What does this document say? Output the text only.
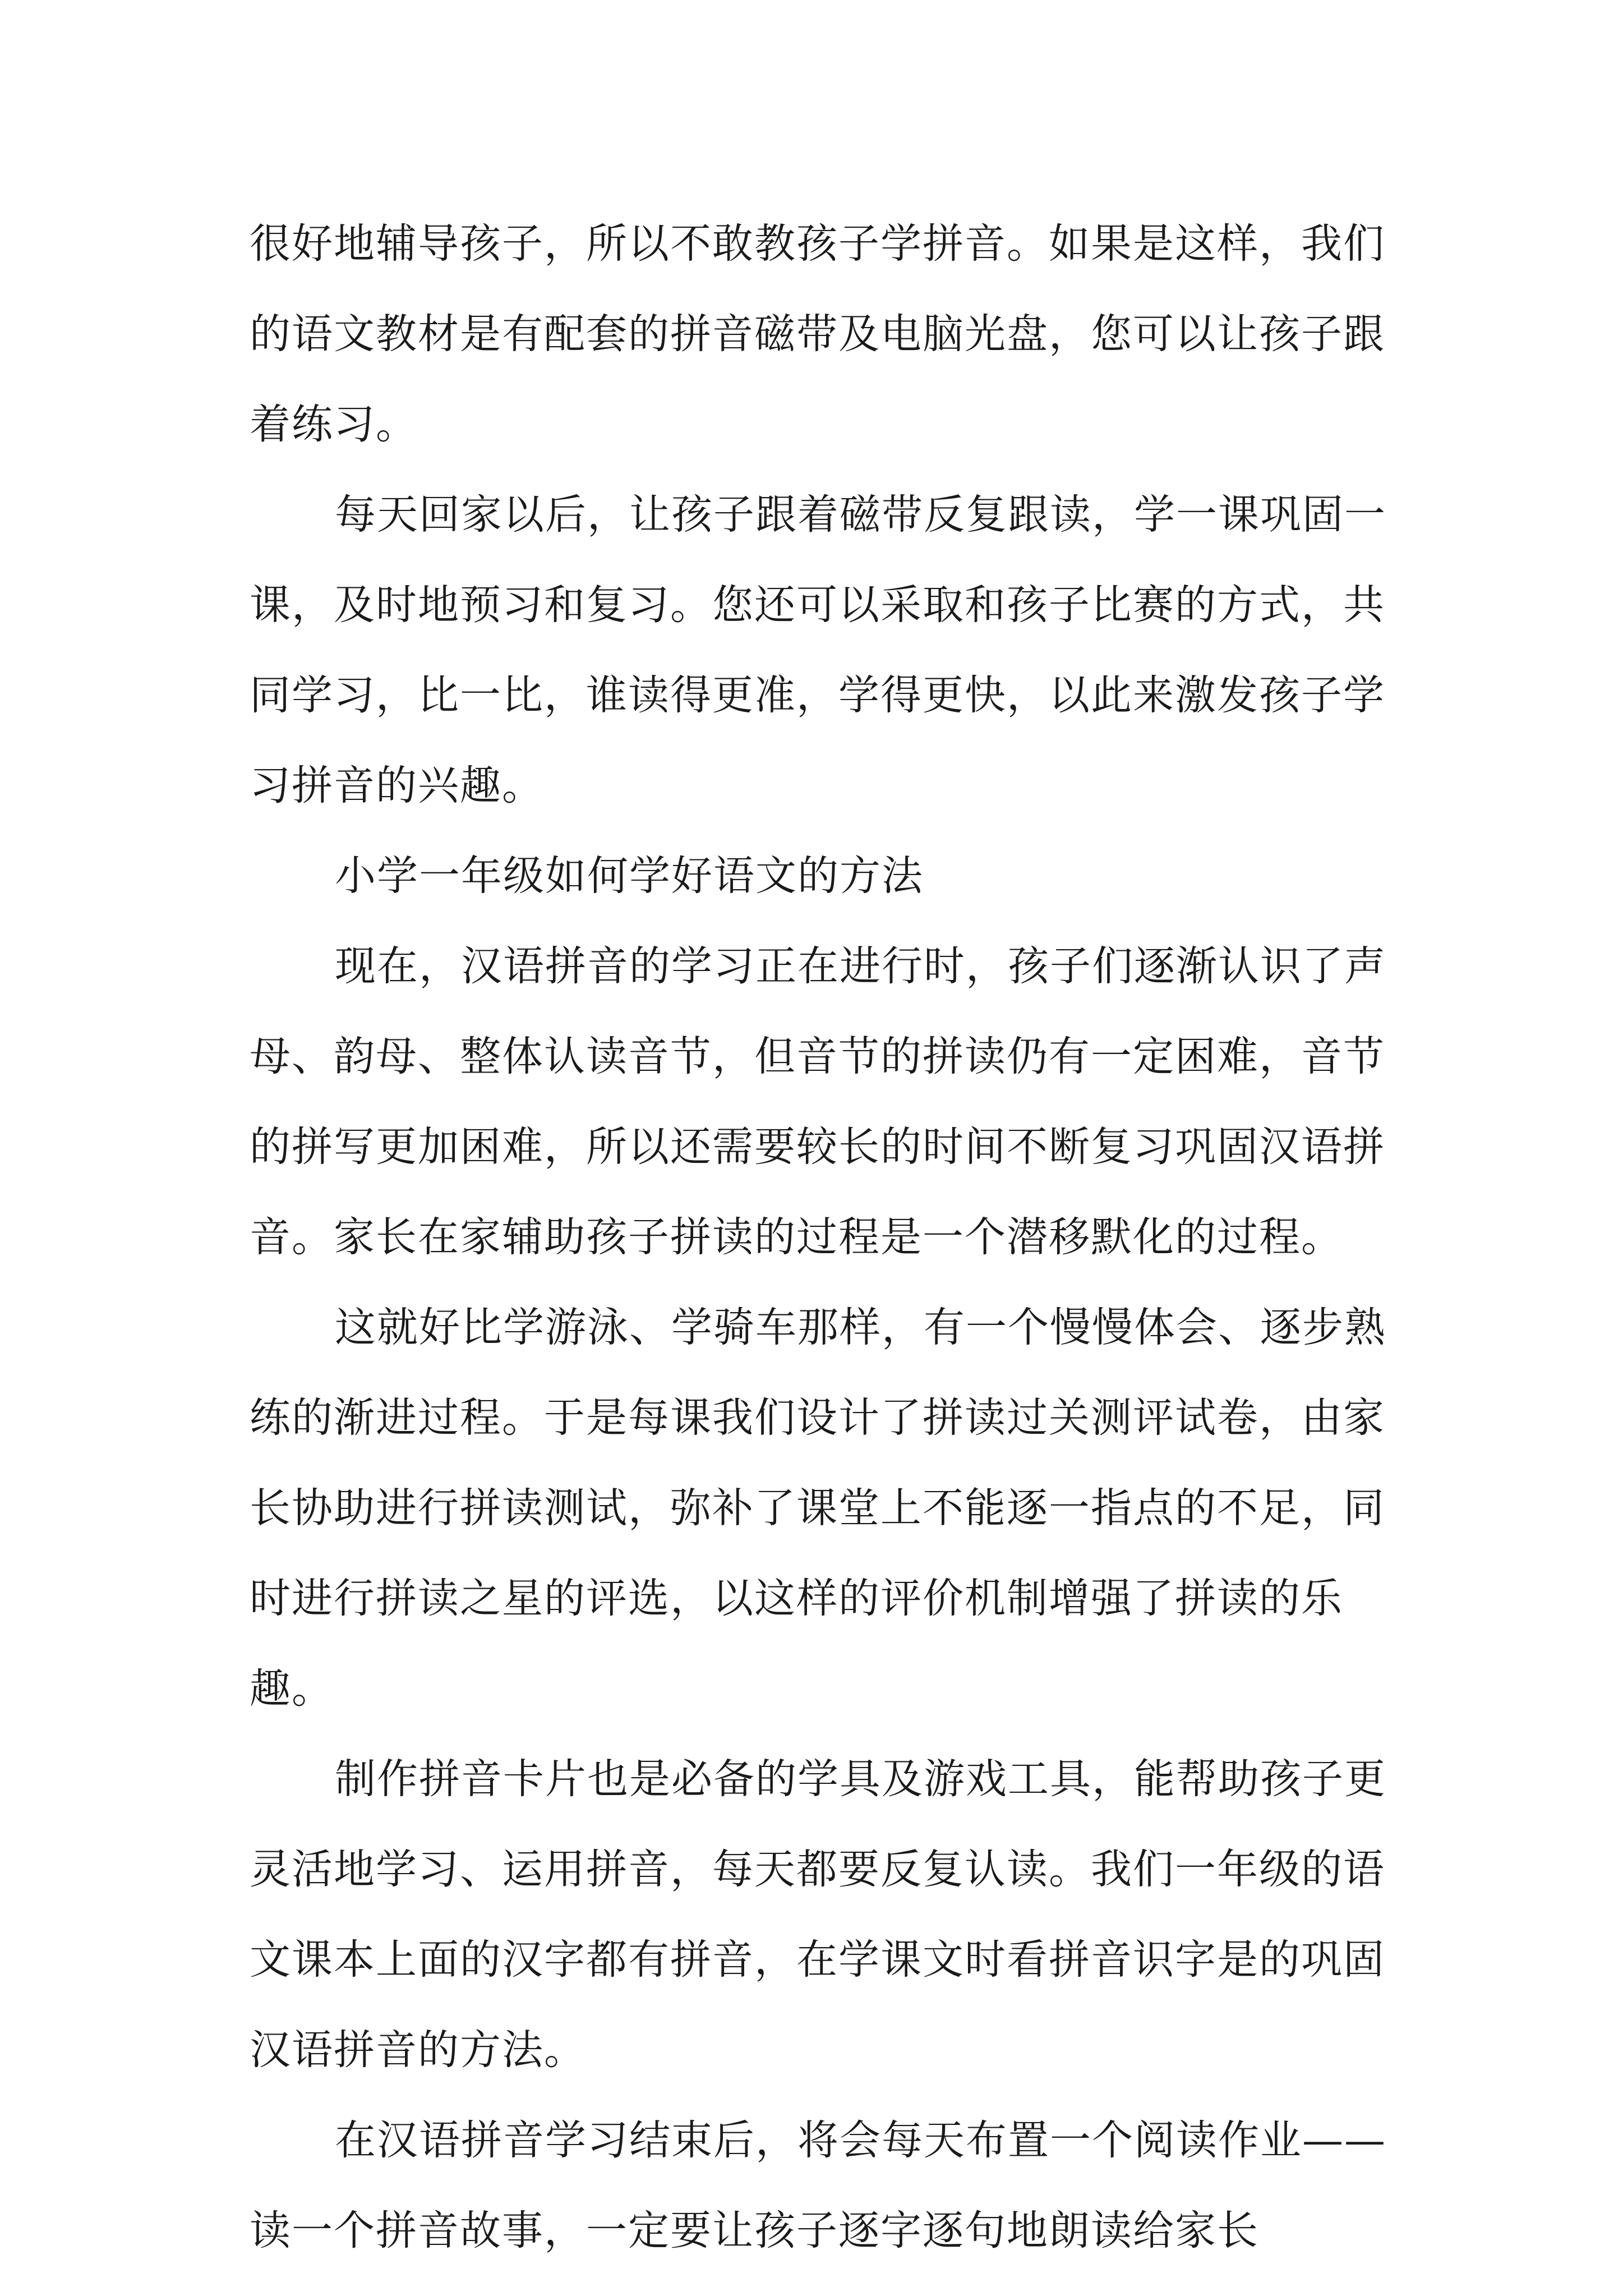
很好地辅导孩子，所以不敢教孩子学拼音。如果是这样，我们的语文教材是有配套的拼音磁带及电脑光盘，您可以让孩子跟着练习。

每天回家以后，让孩子跟着磁带反复跟读，学一课巩固一课，及时地预习和复习。您还可以采取和孩子比赛的方式，共同学习，比一比，谁读得更准，学得更快，以此来激发孩子学习拼音的兴趣。

小学一年级如何学好语文的方法

现在，汉语拼音的学习正在进行时，孩子们逐渐认识了声母、韵母、整体认读音节，但音节的拼读仍有一定困难，音节的拼写更加困难，所以还需要较长的时间不断复习巩固汉语拼音。家长在家辅助孩子拼读的过程是一个潜移默化的过程。

这就好比学游泳、学骑车那样，有一个慢慢体会、逐步熟练的渐进过程。于是每课我们设计了拼读过关测评试卷，由家长协助进行拼读测试，弥补了课堂上不能逐一指点的不足，同时进行拼读之星的评选，以这样的评价机制增强了拼读的乐趣。

制作拼音卡片也是必备的学具及游戏工具，能帮助孩子更灵活地学习、运用拼音，每天都要反复认读。我们一年级的语文课本上面的汉字都有拼音，在学课文时看拼音识字是的巩固汉语拼音的方法。

在汉语拼音学习结束后，将会每天布置一个阅读作业——读一个拼音故事，一定要让孩子逐字逐句地朗读给家长
